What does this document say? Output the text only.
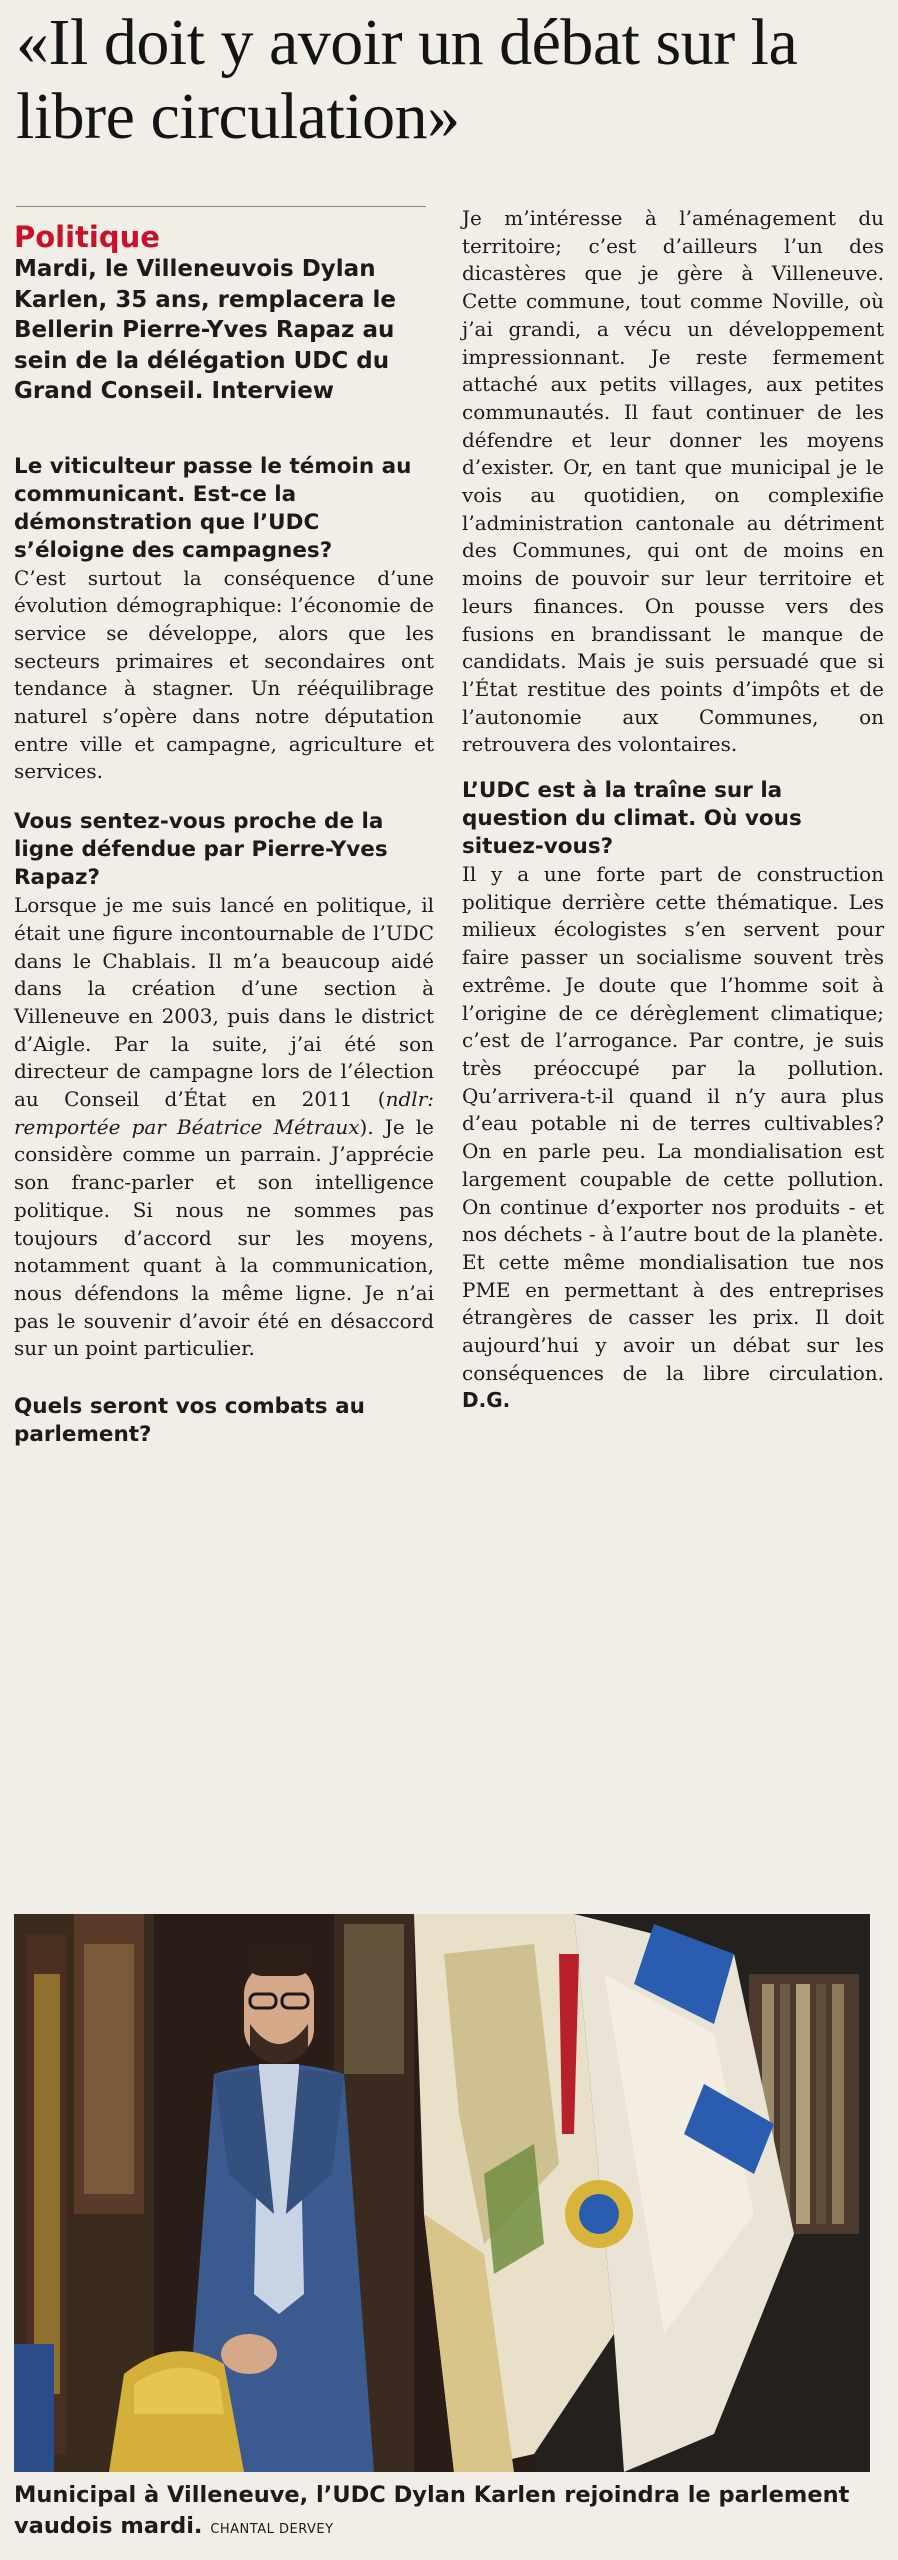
«Il doit y avoir un débat sur la libre circulation»

Politique
Mardi, le Villeneuvois Dylan Karlen, 35 ans, remplacera le Bellerin Pierre-Yves Rapaz au sein de la délégation UDC du Grand Conseil. Interview

Le viticulteur passe le témoin au communicant. Est-ce la démonstration que l’UDC s’éloigne des campagnes?

C’est surtout la conséquence d’une évolution démographique: l’économie de service se développe, alors que les secteurs primaires et secondaires ont tendance à stagner. Un rééquilibrage naturel s’opère dans notre députation entre ville et campagne, agriculture et services.

Vous sentez-vous proche de la ligne défendue par Pierre-Yves Rapaz?

Lorsque je me suis lancé en politique, il était une figure incontournable de l’UDC dans le Chablais. Il m’a beaucoup aidé dans la création d’une section à Villeneuve en 2003, puis dans le district d’Aigle. Par la suite, j’ai été son directeur de campagne lors de l’élection au Conseil d’État en 2011 (ndlr: remportée par Béatrice Métraux). Je le considère comme un parrain. J’apprécie son franc-parler et son intelligence politique. Si nous ne sommes pas toujours d’accord sur les moyens, notamment quant à la communication, nous défendons la même ligne. Je n’ai pas le souvenir d’avoir été en désaccord sur un point particulier.

Quels seront vos combats au parlement?

Je m’intéresse à l’aménagement du territoire; c’est d’ailleurs l’un des dicastères que je gère à Villeneuve. Cette commune, tout comme Noville, où j’ai grandi, a vécu un développement impressionnant. Je reste fermement attaché aux petits villages, aux petites communautés. Il faut continuer de les défendre et leur donner les moyens d’exister. Or, en tant que municipal je le vois au quotidien, on complexifie l’administration cantonale au détriment des Communes, qui ont de moins en moins de pouvoir sur leur territoire et leurs finances. On pousse vers des fusions en brandissant le manque de candidats. Mais je suis persuadé que si l’État restitue des points d’impôts et de l’autonomie aux Communes, on retrouvera des volontaires.

L’UDC est à la traîne sur la question du climat. Où vous situez-vous?

Il y a une forte part de construction politique derrière cette thématique. Les milieux écologistes s’en servent pour faire passer un socialisme souvent très extrême. Je doute que l’homme soit à l’origine de ce dérèglement climatique; c’est de l’arrogance. Par contre, je suis très préoccupé par la pollution. Qu’arrivera-t-il quand il n’y aura plus d’eau potable ni de terres cultivables? On en parle peu. La mondialisation est largement coupable de cette pollution. On continue d’exporter nos produits - et nos déchets - à l’autre bout de la planète. Et cette même mondialisation tue nos PME en permettant à des entreprises étrangères de casser les prix. Il doit aujourd’hui y avoir un débat sur les conséquences de la libre circulation. D.G.

Municipal à Villeneuve, l’UDC Dylan Karlen rejoindra le parlement vaudois mardi. CHANTAL DERVEY
